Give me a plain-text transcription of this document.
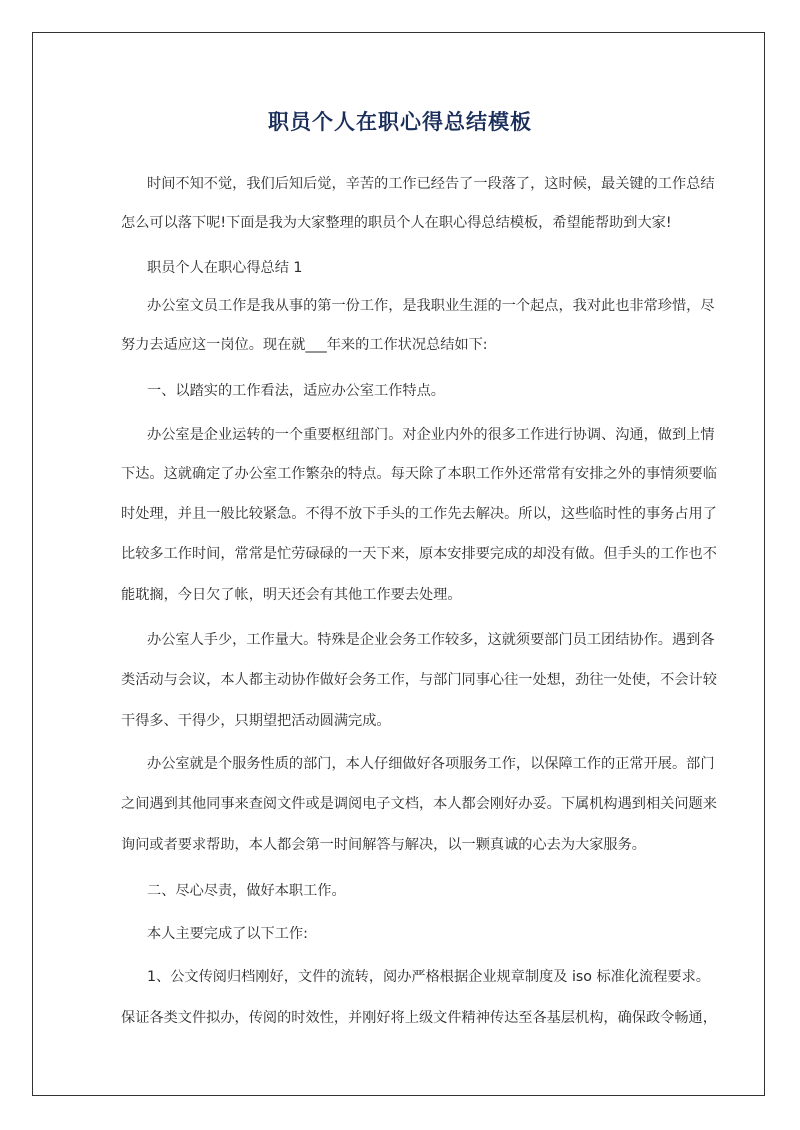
职员个人在职心得总结模板
时间不知不觉，我们后知后觉，辛苦的工作已经告了一段落了，这时候，最关键的工作总结
怎么可以落下呢!下面是我为大家整理的职员个人在职心得总结模板，希望能帮助到大家!
职员个人在职心得总结 1
办公室文员工作是我从事的第一份工作，是我职业生涯的一个起点，我对此也非常珍惜，尽
努力去适应这一岗位。现在就___年来的工作状况总结如下:
一、以踏实的工作看法，适应办公室工作特点。
办公室是企业运转的一个重要枢纽部门。对企业内外的很多工作进行协调、沟通，做到上情
下达。这就确定了办公室工作繁杂的特点。每天除了本职工作外还常常有安排之外的事情须要临
时处理，并且一般比较紧急。不得不放下手头的工作先去解决。所以，这些临时性的事务占用了
比较多工作时间，常常是忙劳碌碌的一天下来，原本安排要完成的却没有做。但手头的工作也不
能耽搁，今日欠了帐，明天还会有其他工作要去处理。
办公室人手少，工作量大。特殊是企业会务工作较多，这就须要部门员工团结协作。遇到各
类活动与会议，本人都主动协作做好会务工作，与部门同事心往一处想，劲往一处使，不会计较
干得多、干得少，只期望把活动圆满完成。
办公室就是个服务性质的部门，本人仔细做好各项服务工作，以保障工作的正常开展。部门
之间遇到其他同事来查阅文件或是调阅电子文档，本人都会刚好办妥。下属机构遇到相关问题来
询问或者要求帮助，本人都会第一时间解答与解决，以一颗真诚的心去为大家服务。
二、尽心尽责，做好本职工作。
本人主要完成了以下工作:
1、公文传阅归档刚好，文件的流转，阅办严格根据企业规章制度及 iso 标准化流程要求。
保证各类文件拟办，传阅的时效性，并刚好将上级文件精神传达至各基层机构，确保政令畅通，
